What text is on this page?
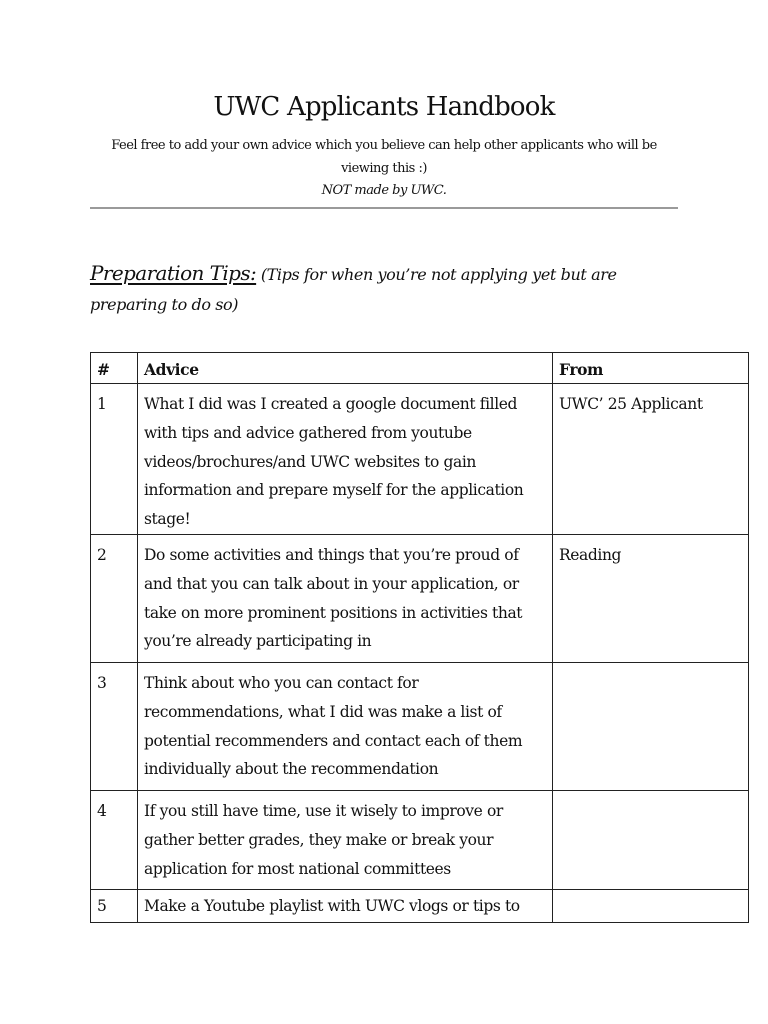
UWC Applicants Handbook
Feel free to add your own advice which you believe can help other applicants who will be viewing this :)
NOT made by UWC.
Preparation Tips: (Tips for when you’re not applying yet but are preparing to do so)
#	Advice	From
1	What I did was I created a google document filled with tips and advice gathered from youtube videos/brochures/and UWC websites to gain information and prepare myself for the application stage!	UWC’ 25 Applicant
2	Do some activities and things that you’re proud of and that you can talk about in your application, or take on more prominent positions in activities that you’re already participating in	Reading
3	Think about who you can contact for recommendations, what I did was make a list of potential recommenders and contact each of them individually about the recommendation	
4	If you still have time, use it wisely to improve or gather better grades, they make or break your application for most national committees	
5	Make a Youtube playlist with UWC vlogs or tips to	
